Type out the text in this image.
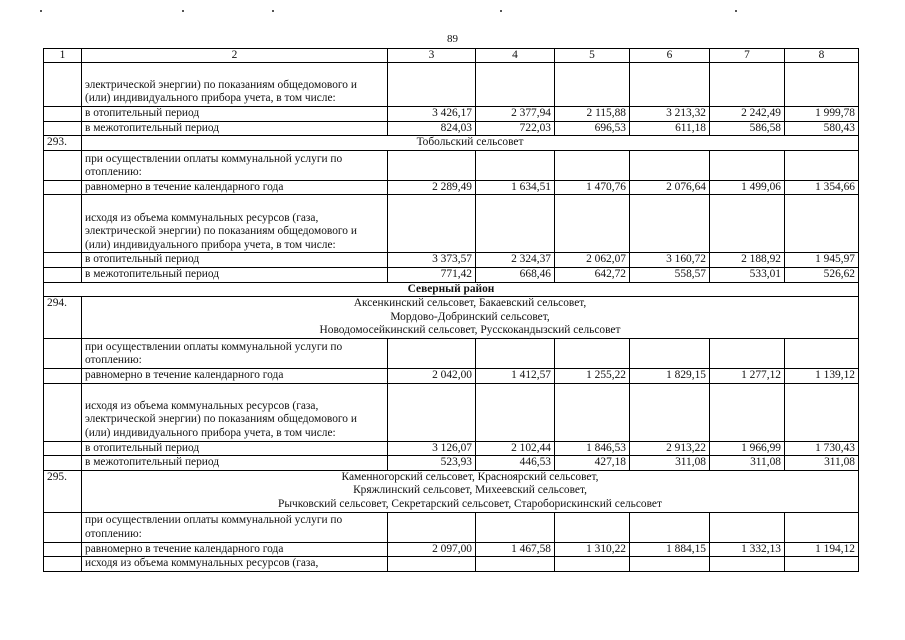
89
1	2	3	4	5	6	7	8
	электрической энергии) по показаниям общедомового и (или) индивидуального прибора учета, в том числе:						
	в отопительный период	3 426,17	2 377,94	2 115,88	3 213,32	2 242,49	1 999,78
	в межотопительный период	824,03	722,03	696,53	611,18	586,58	580,43
293.	Тобольский сельсовет						
	при осуществлении оплаты коммунальной услуги по отоплению:						
	равномерно в течение календарного года	2 289,49	1 634,51	1 470,76	2 076,64	1 499,06	1 354,66
	исходя из объема коммунальных ресурсов (газа, электрической энергии) по показаниям общедомового и (или) индивидуального прибора учета, в том числе:						
	в отопительный период	3 373,57	2 324,37	2 062,07	3 160,72	2 188,92	1 945,97
	в межотопительный период	771,42	668,46	642,72	558,57	533,01	526,62
Северный район							
294.	Аксенкинский сельсовет, Бакаевский сельсовет,
Мордово-Добринский сельсовет,
Новодомосейкинский сельсовет, Русскокандызский сельсовет						

	при осуществлении оплаты коммунальной услуги по отоплению:						
	равномерно в течение календарного года	2 042,00	1 412,57	1 255,22	1 829,15	1 277,12	1 139,12
	исходя из объема коммунальных ресурсов (газа, электрической энергии) по показаниям общедомового и (или) индивидуального прибора учета, в том числе:						
	в отопительный период	3 126,07	2 102,44	1 846,53	2 913,22	1 966,99	1 730,43
	в межотопительный период	523,93	446,53	427,18	311,08	311,08	311,08
295.	Каменногорский сельсовет, Красноярский сельсовет,
Кряжлинский сельсовет, Михеевский сельсовет,
Рычковский сельсовет, Секретарский сельсовет, Староборискинский сельсовет						

	при осуществлении оплаты коммунальной услуги по отоплению:						
	равномерно в течение календарного года	2 097,00	1 467,58	1 310,22	1 884,15	1 332,13	1 194,12
	исходя из объема коммунальных ресурсов (газа,						
